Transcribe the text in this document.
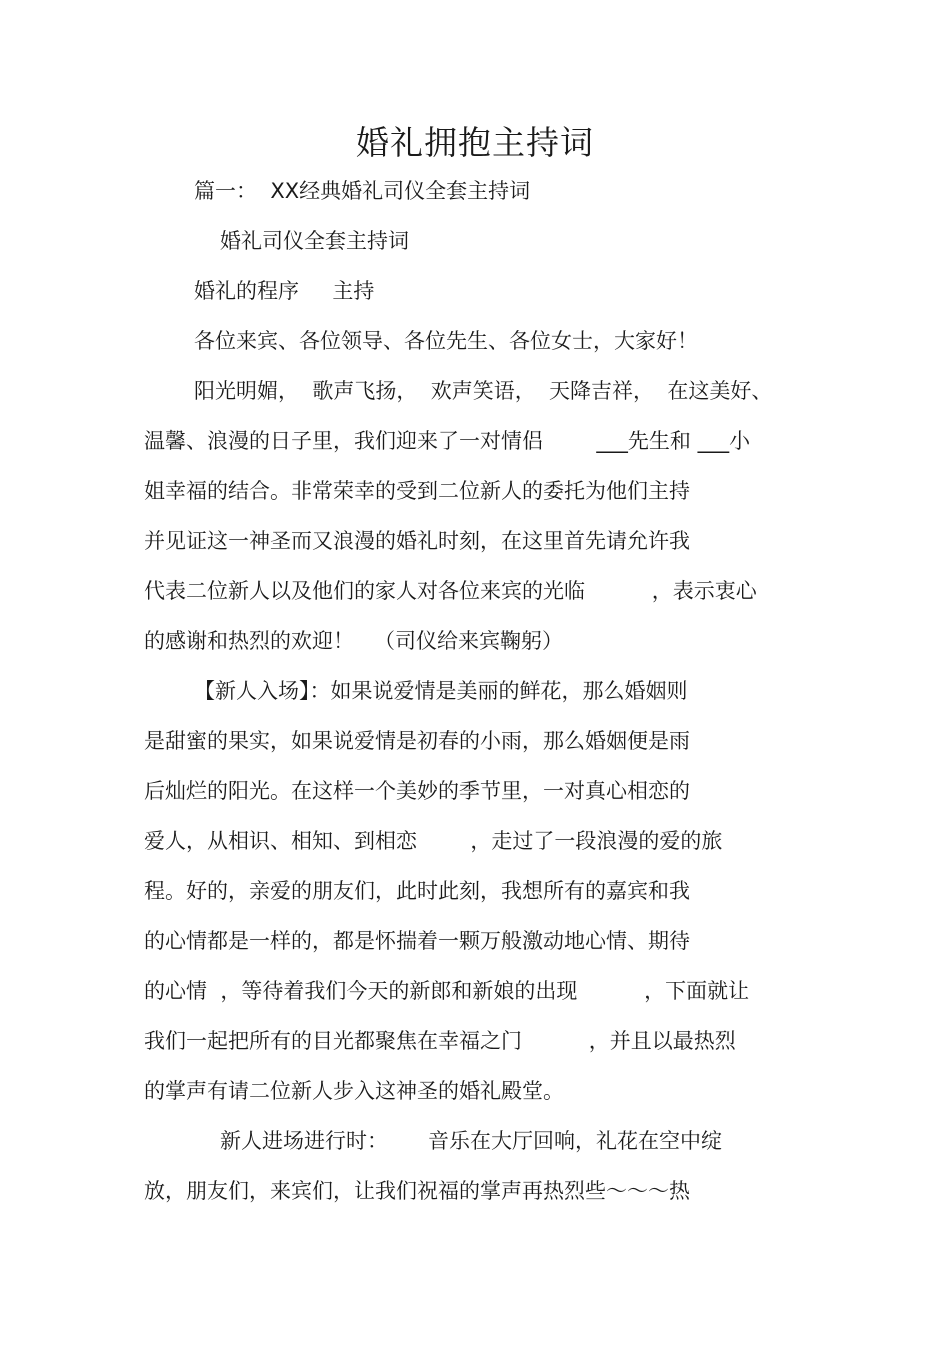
婚礼拥抱主持词
篇一：  XX经典婚礼司仪全套主持词
婚礼司仪全套主持词
婚礼的程序     主持
各位来宾、各位领导、各位先生、各位女士，大家好！
阳光明媚，  歌声飞扬，  欢声笑语，  天降吉祥，  在这美好、
温馨、浪漫的日子里，我们迎来了一对情侣        ___先生和 ___小
姐幸福的结合。非常荣幸的受到二位新人的委托为他们主持
并见证这一神圣而又浪漫的婚礼时刻，在这里首先请允许我
代表二位新人以及他们的家人对各位来宾的光临          ，表示衷心
的感谢和热烈的欢迎！   （司仪给来宾鞠躬）
【新人入场】：如果说爱情是美丽的鲜花，那么婚姻则
是甜蜜的果实，如果说爱情是初春的小雨，那么婚姻便是雨
后灿烂的阳光。在这样一个美妙的季节里，一对真心相恋的
爱人，从相识、相知、到相恋        ，走过了一段浪漫的爱的旅
程。好的，亲爱的朋友们，此时此刻，我想所有的嘉宾和我
的心情都是一样的，都是怀揣着一颗万般激动地心情、期待
的心情  ，等待着我们今天的新郎和新娘的出现          ，下面就让
我们一起把所有的目光都聚焦在幸福之门          ，并且以最热烈
的掌声有请二位新人步入这神圣的婚礼殿堂。
新人进场进行时：      音乐在大厅回响，礼花在空中绽
放，朋友们，来宾们，让我们祝福的掌声再热烈些～～～热
